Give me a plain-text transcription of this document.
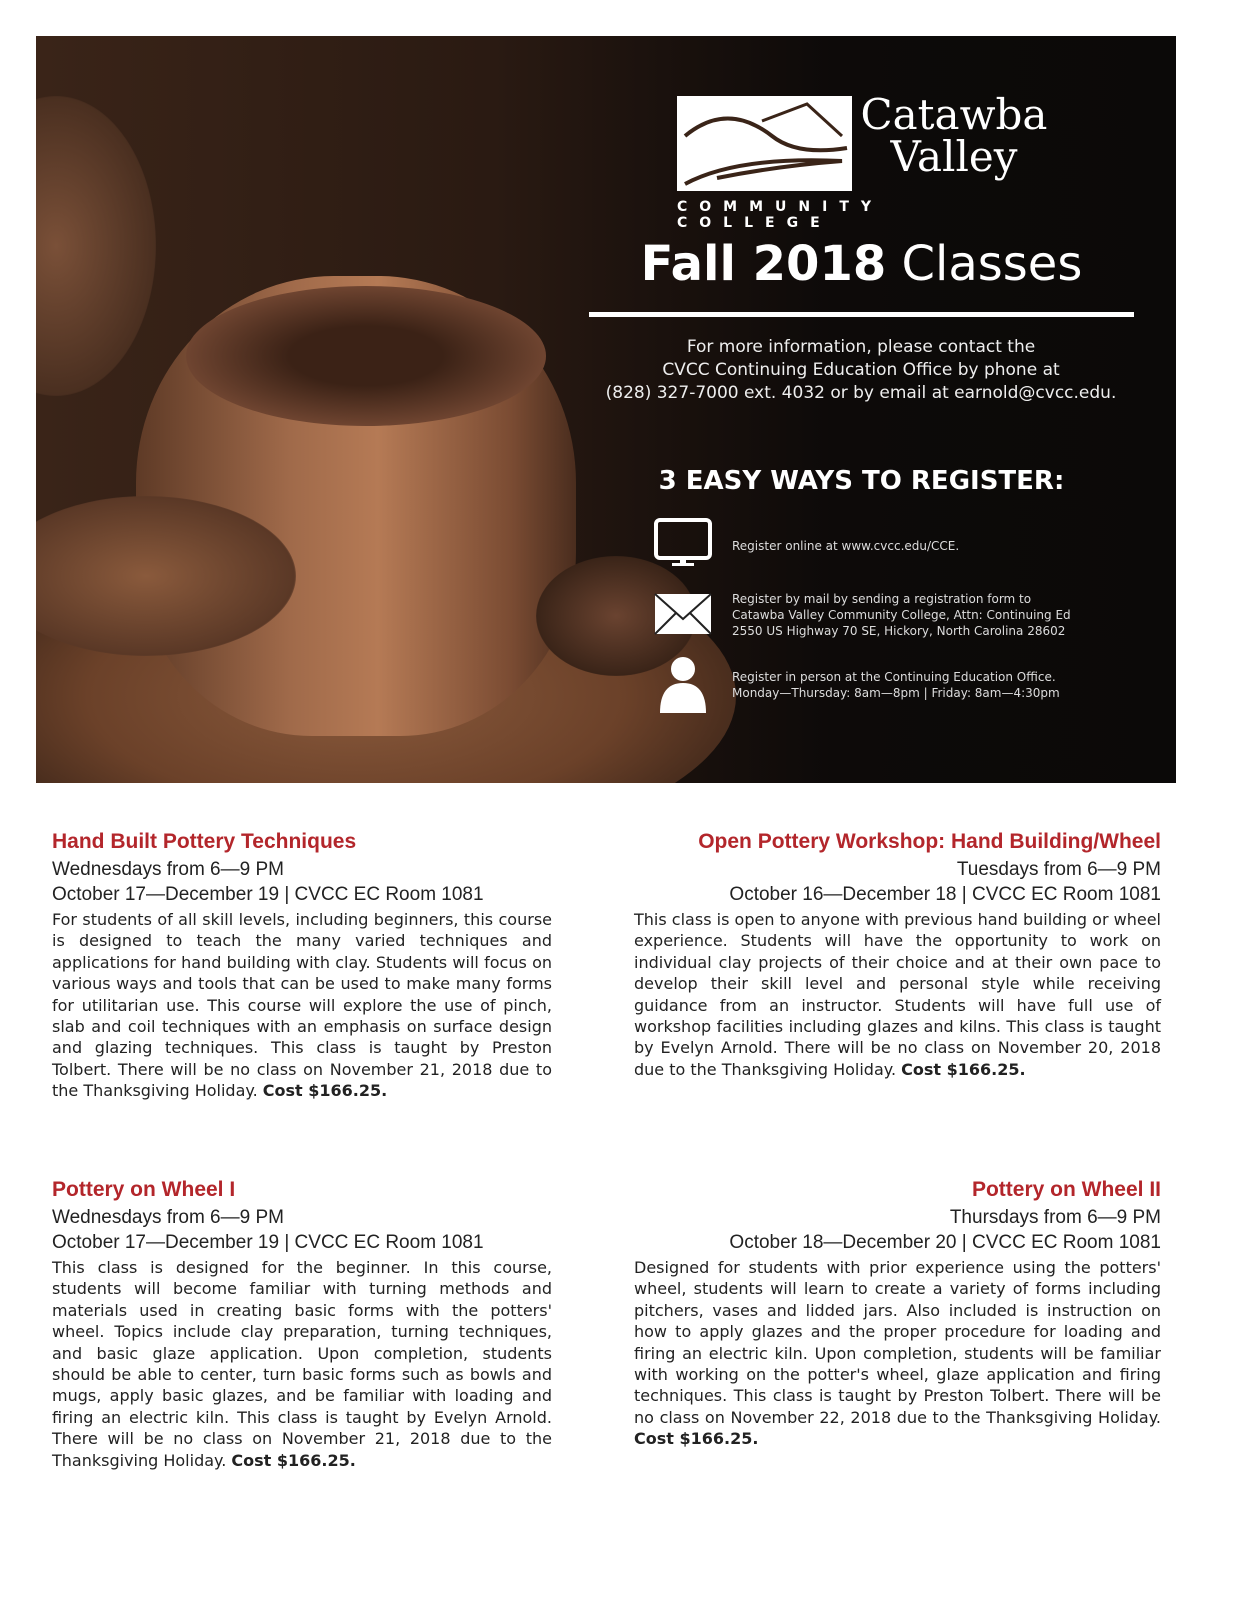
Catawba
Valley
COMMUNITY COLLEGE
Fall 2018 Classes
For more information, please contact the
CVCC Continuing Education Office by phone at
(828) 327-7000 ext. 4032 or by email at earnold@cvcc.edu.
3 EASY WAYS TO REGISTER:
Register online at www.cvcc.edu/CCE.
Register by mail by sending a registration form to
Catawba Valley Community College, Attn: Continuing Ed
2550 US Highway 70 SE, Hickory, North Carolina 28602
Register in person at the Continuing Education Office.
Monday—Thursday: 8am—8pm | Friday: 8am—4:30pm
Hand Built Pottery Techniques
Wednesdays from 6—9 PM
October 17—December 19 | CVCC EC Room 1081

For students of all skill levels, including beginners, this course is designed to teach the many varied techniques and applications for hand building with clay. Students will focus on various ways and tools that can be used to make many forms for utilitarian use. This course will explore the use of pinch, slab and coil techniques with an emphasis on surface design and glazing techniques. This class is taught by Preston Tolbert. There will be no class on November 21, 2018 due to the Thanksgiving Holiday. Cost $166.25.

Open Pottery Workshop: Hand Building/Wheel
Tuesdays from 6—9 PM
October 16—December 18 | CVCC EC Room 1081

This class is open to anyone with previous hand building or wheel experience. Students will have the opportunity to work on individual clay projects of their choice and at their own pace to develop their skill level and personal style while receiving guidance from an instructor. Students will have full use of workshop facilities including glazes and kilns. This class is taught by Evelyn Arnold. There will be no class on November 20, 2018 due to the Thanksgiving Holiday. Cost $166.25.

Pottery on Wheel I
Wednesdays from 6—9 PM
October 17—December 19 | CVCC EC Room 1081

This class is designed for the beginner. In this course, students will become familiar with turning methods and materials used in creating basic forms with the potters' wheel. Topics include clay preparation, turning techniques, and basic glaze application. Upon completion, students should be able to center, turn basic forms such as bowls and mugs, apply basic glazes, and be familiar with loading and firing an electric kiln. This class is taught by Evelyn Arnold. There will be no class on November 21, 2018 due to the Thanksgiving Holiday. Cost $166.25.

Pottery on Wheel II
Thursdays from 6—9 PM
October 18—December 20 | CVCC EC Room 1081

Designed for students with prior experience using the potters' wheel, students will learn to create a variety of forms including pitchers, vases and lidded jars. Also included is instruction on how to apply glazes and the proper procedure for loading and firing an electric kiln. Upon completion, students will be familiar with working on the potter's wheel, glaze application and firing techniques. This class is taught by Preston Tolbert. There will be no class on November 22, 2018 due to the Thanksgiving Holiday. Cost $166.25.
